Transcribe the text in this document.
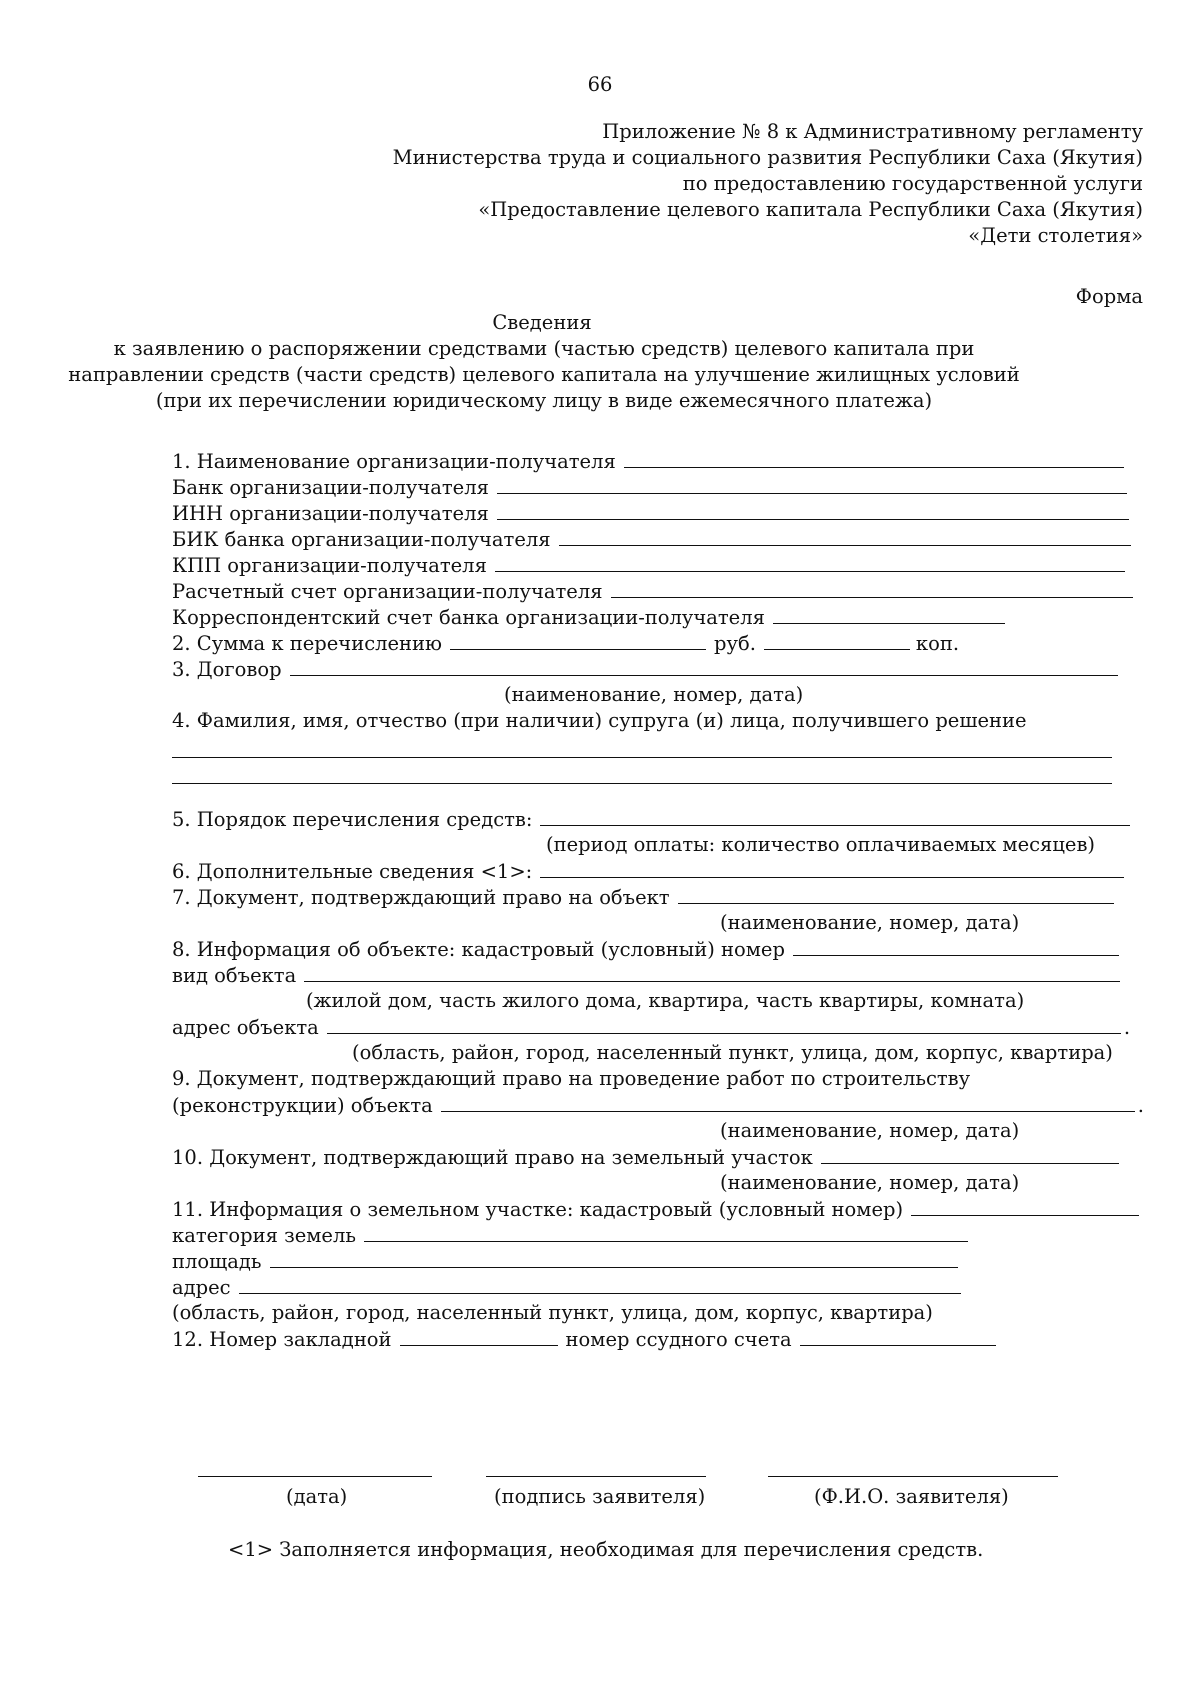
66
Приложение № 8 к Административному регламенту
Министерства труда и социального развития Республики Саха (Якутия)
по предоставлению государственной услуги
«Предоставление целевого капитала Республики Саха (Якутия)
«Дети столетия»
Форма
Сведения
к заявлению о распоряжении средствами (частью средств) целевого капитала при
направлении средств (части средств) целевого капитала на улучшение жилищных условий
(при их перечислении юридическому лицу в виде ежемесячного платежа)
1. Наименование организации-получателя
Банк организации-получателя
ИНН организации-получателя
БИК банка организации-получателя
КПП организации-получателя
Расчетный счет организации-получателя
Корреспондентский счет банка организации-получателя
2. Сумма к перечислению	руб.	коп.
3. Договор
(наименование, номер, дата)
4. Фамилия, имя, отчество (при наличии) супруга (и) лица, получившего решение
5. Порядок перечисления средств:
(период оплаты: количество оплачиваемых месяцев)
6. Дополнительные сведения <1>:
7. Документ, подтверждающий право на объект
(наименование, номер, дата)
8. Информация об объекте: кадастровый (условный) номер
вид объекта
(жилой дом, часть жилого дома, квартира, часть квартиры, комната)
адрес объекта	.
(область, район, город, населенный пункт, улица, дом, корпус, квартира)
9. Документ, подтверждающий право на проведение работ по строительству
(реконструкции) объекта	.
(наименование, номер, дата)
10. Документ, подтверждающий право на земельный участок
(наименование, номер, дата)
11. Информация о земельном участке: кадастровый (условный номер)
категория земель
площадь
адрес
(область, район, город, населенный пункт, улица, дом, корпус, квартира)
12. Номер закладной	номер ссудного счета
(дата)	(подпись заявителя)	(Ф.И.О. заявителя)
<1> Заполняется информация, необходимая для перечисления средств.
